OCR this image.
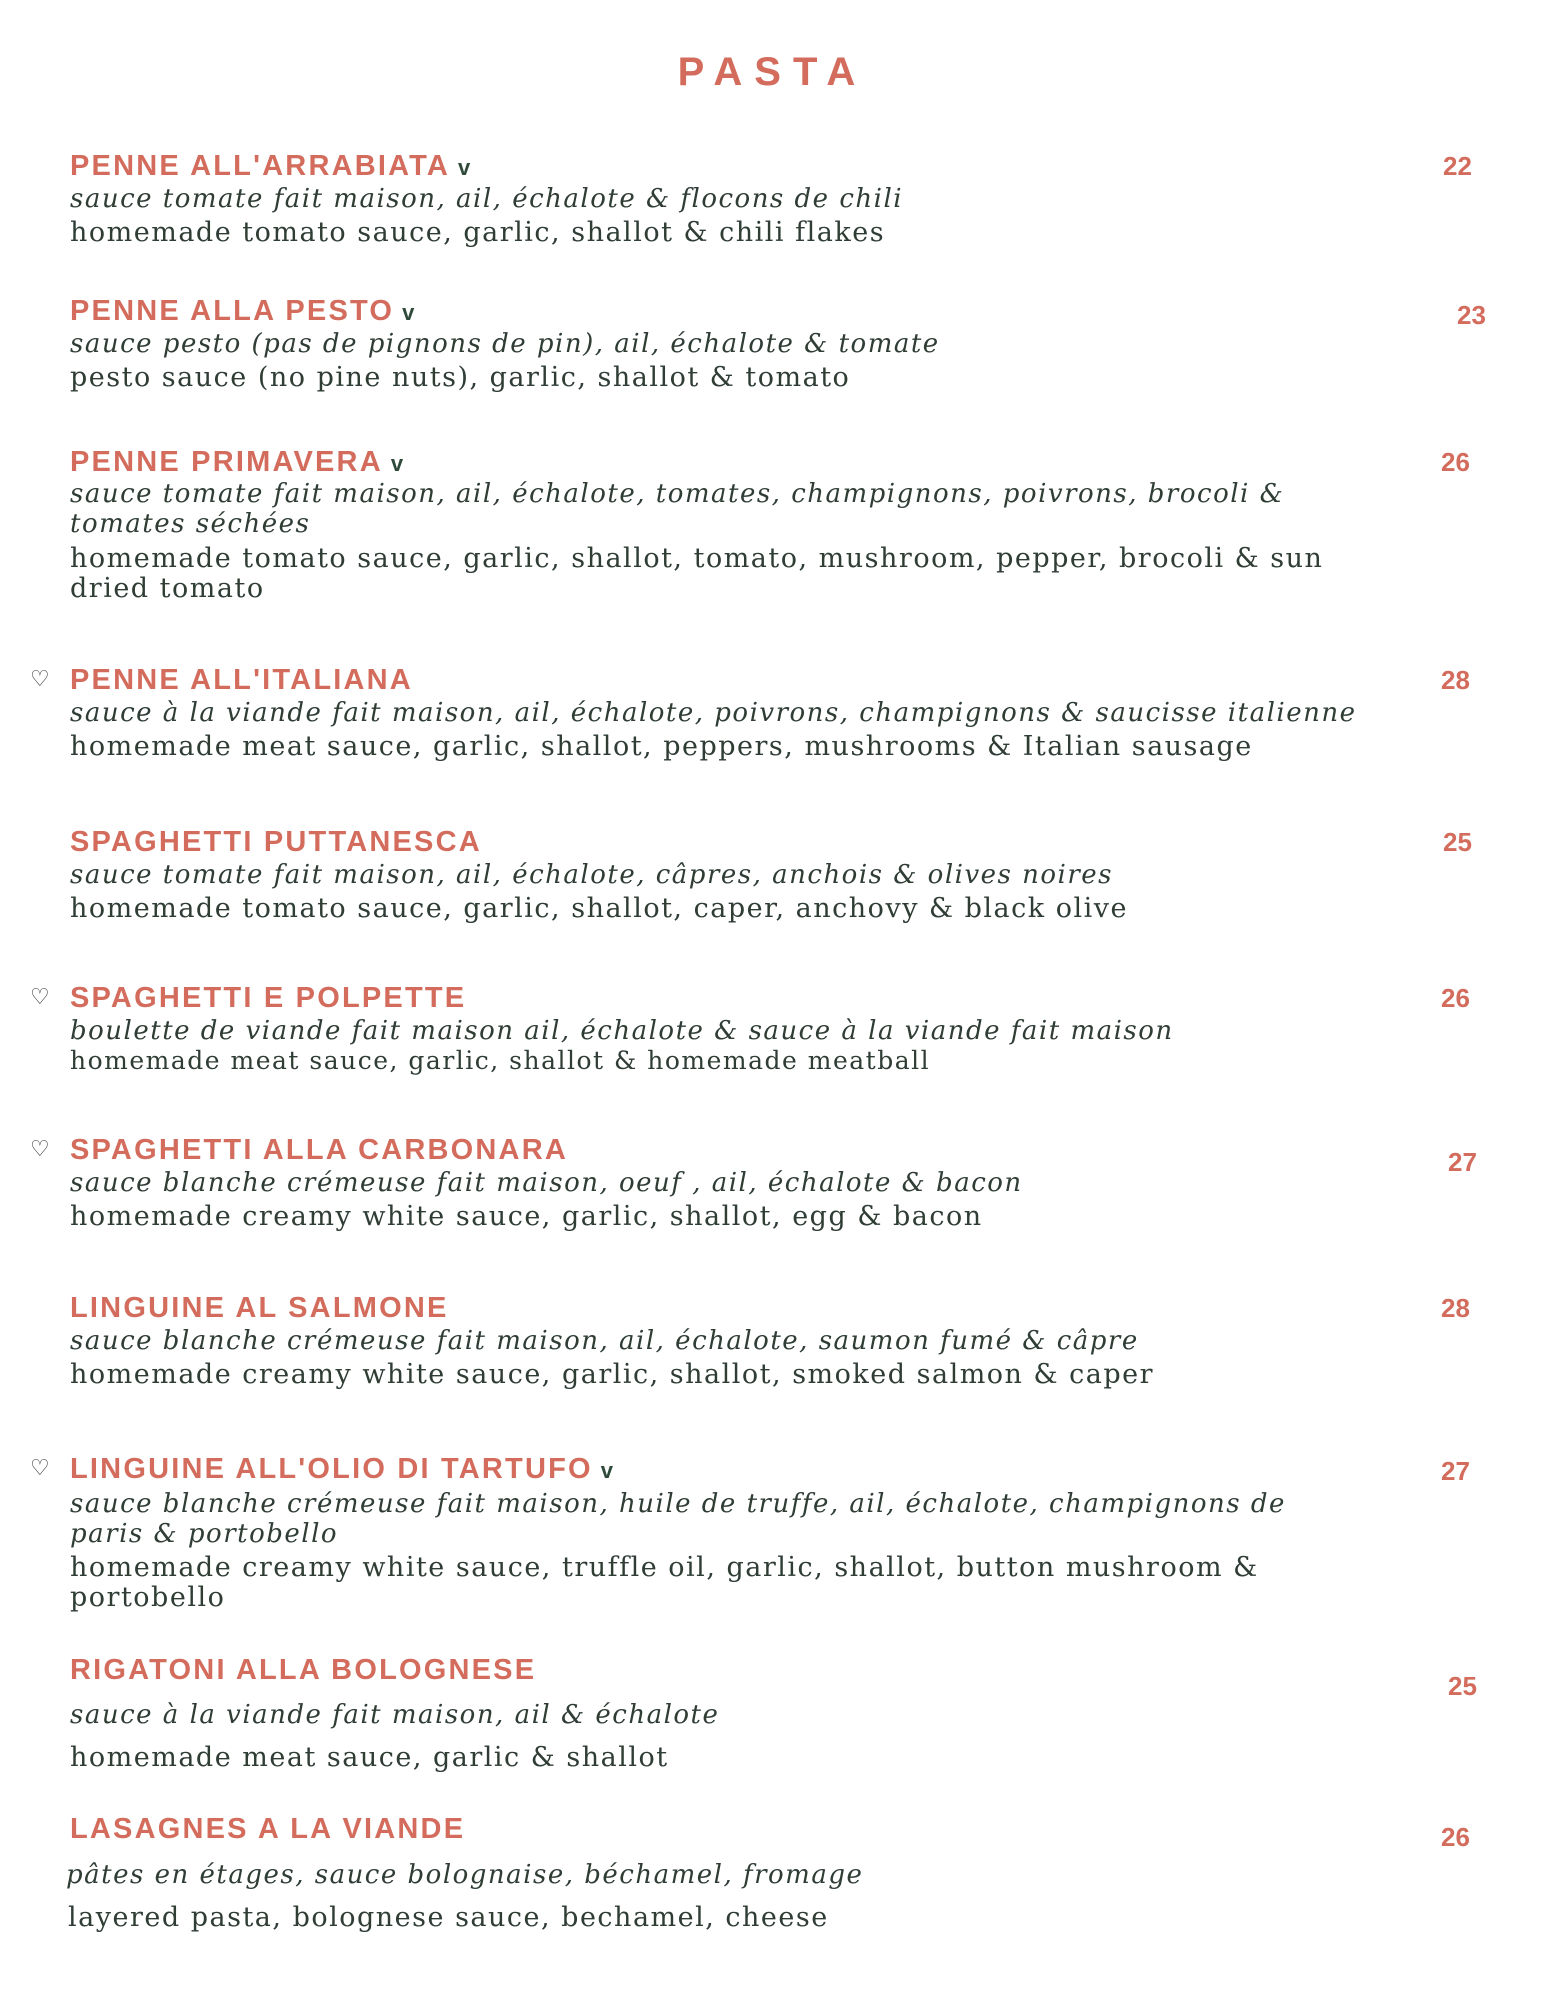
PASTA
PENNE ALL'ARRABIATA v	22
sauce tomate fait maison, ail, échalote & flocons de chili
homemade tomato sauce, garlic, shallot & chili flakes
PENNE ALLA PESTO v	23
sauce pesto (pas de pignons de pin), ail, échalote & tomate
pesto sauce (no pine nuts), garlic, shallot & tomato
PENNE PRIMAVERA v	26
sauce tomate fait maison, ail, échalote, tomates, champignons, poivrons, brocoli & tomates séchées
homemade tomato sauce, garlic, shallot, tomato, mushroom, pepper, brocoli & sun dried tomato
♡ PENNE ALL'ITALIANA	28
sauce à la viande fait maison, ail, échalote, poivrons, champignons & saucisse italienne
homemade meat sauce, garlic, shallot, peppers, mushrooms & Italian sausage
SPAGHETTI PUTTANESCA	25
sauce tomate fait maison, ail, échalote, câpres, anchois & olives noires
homemade tomato sauce, garlic, shallot, caper, anchovy & black olive
♡ SPAGHETTI E POLPETTE	26
boulette de viande fait maison ail, échalote & sauce à la viande fait maison
homemade meat sauce, garlic, shallot & homemade meatball
♡ SPAGHETTI ALLA CARBONARA	27
sauce blanche crémeuse fait maison, oeuf , ail, échalote & bacon
homemade creamy white sauce, garlic, shallot, egg & bacon
LINGUINE AL SALMONE	28
sauce blanche crémeuse fait maison, ail, échalote, saumon fumé & câpre
homemade creamy white sauce, garlic, shallot, smoked salmon & caper
♡ LINGUINE ALL'OLIO DI TARTUFO v	27
sauce blanche crémeuse fait maison, huile de truffe, ail, échalote, champignons de paris & portobello
homemade creamy white sauce, truffle oil, garlic, shallot, button mushroom & portobello
RIGATONI ALLA BOLOGNESE	25
sauce à la viande fait maison, ail & échalote
homemade meat sauce, garlic & shallot
LASAGNES A LA VIANDE	26
pâtes en étages, sauce bolognaise, béchamel, fromage
layered pasta, bolognese sauce, bechamel, cheese
